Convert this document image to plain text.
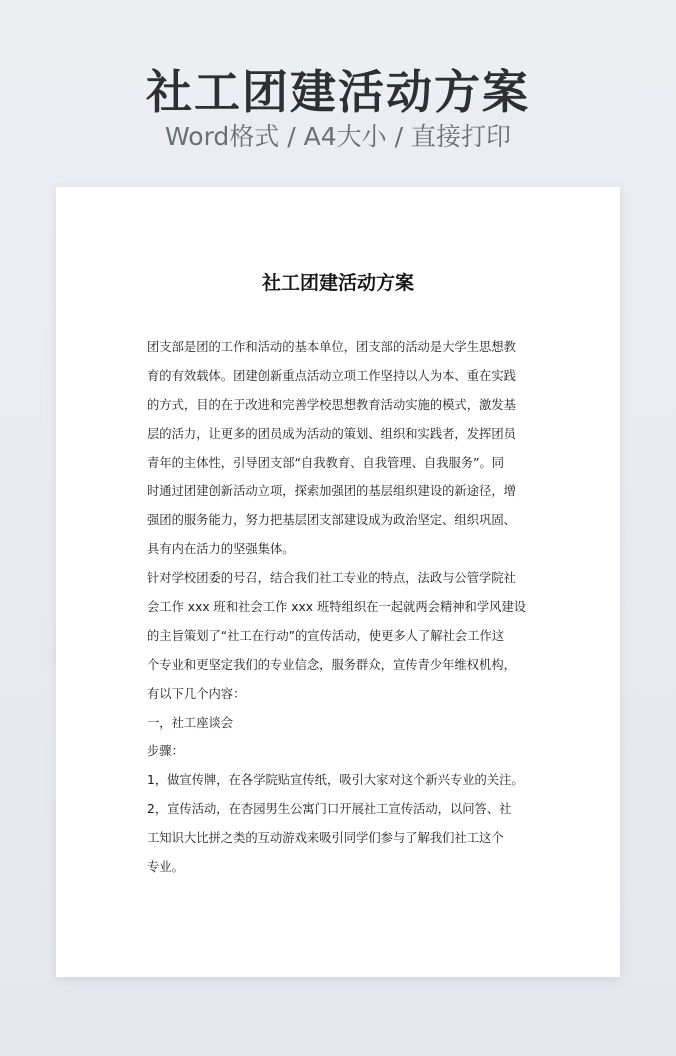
社工团建活动方案
Word格式 / A4大小 / 直接打印
社工团建活动方案
团支部是团的工作和活动的基本单位，团支部的活动是大学生思想教
育的有效载体。团建创新重点活动立项工作坚持以人为本、重在实践
的方式，目的在于改进和完善学校思想教育活动实施的模式，激发基
层的活力，让更多的团员成为活动的策划、组织和实践者，发挥团员
青年的主体性，引导团支部“自我教育、自我管理、自我服务”。同
时通过团建创新活动立项，探索加强团的基层组织建设的新途径，增
强团的服务能力，努力把基层团支部建设成为政治坚定、组织巩固、
具有内在活力的坚强集体。
针对学校团委的号召，结合我们社工专业的特点，法政与公管学院社
会工作 xxx 班和社会工作 xxx 班特组织在一起就两会精神和学风建设
的主旨策划了“社工在行动”的宣传活动，使更多人了解社会工作这
个专业和更坚定我们的专业信念，服务群众，宣传青少年维权机构，
有以下几个内容：
一，社工座谈会
步骤：
1，做宣传牌，在各学院贴宣传纸，吸引大家对这个新兴专业的关注。
2，宣传活动，在杏园男生公寓门口开展社工宣传活动，以问答、社
工知识大比拼之类的互动游戏来吸引同学们参与了解我们社工这个
专业。
